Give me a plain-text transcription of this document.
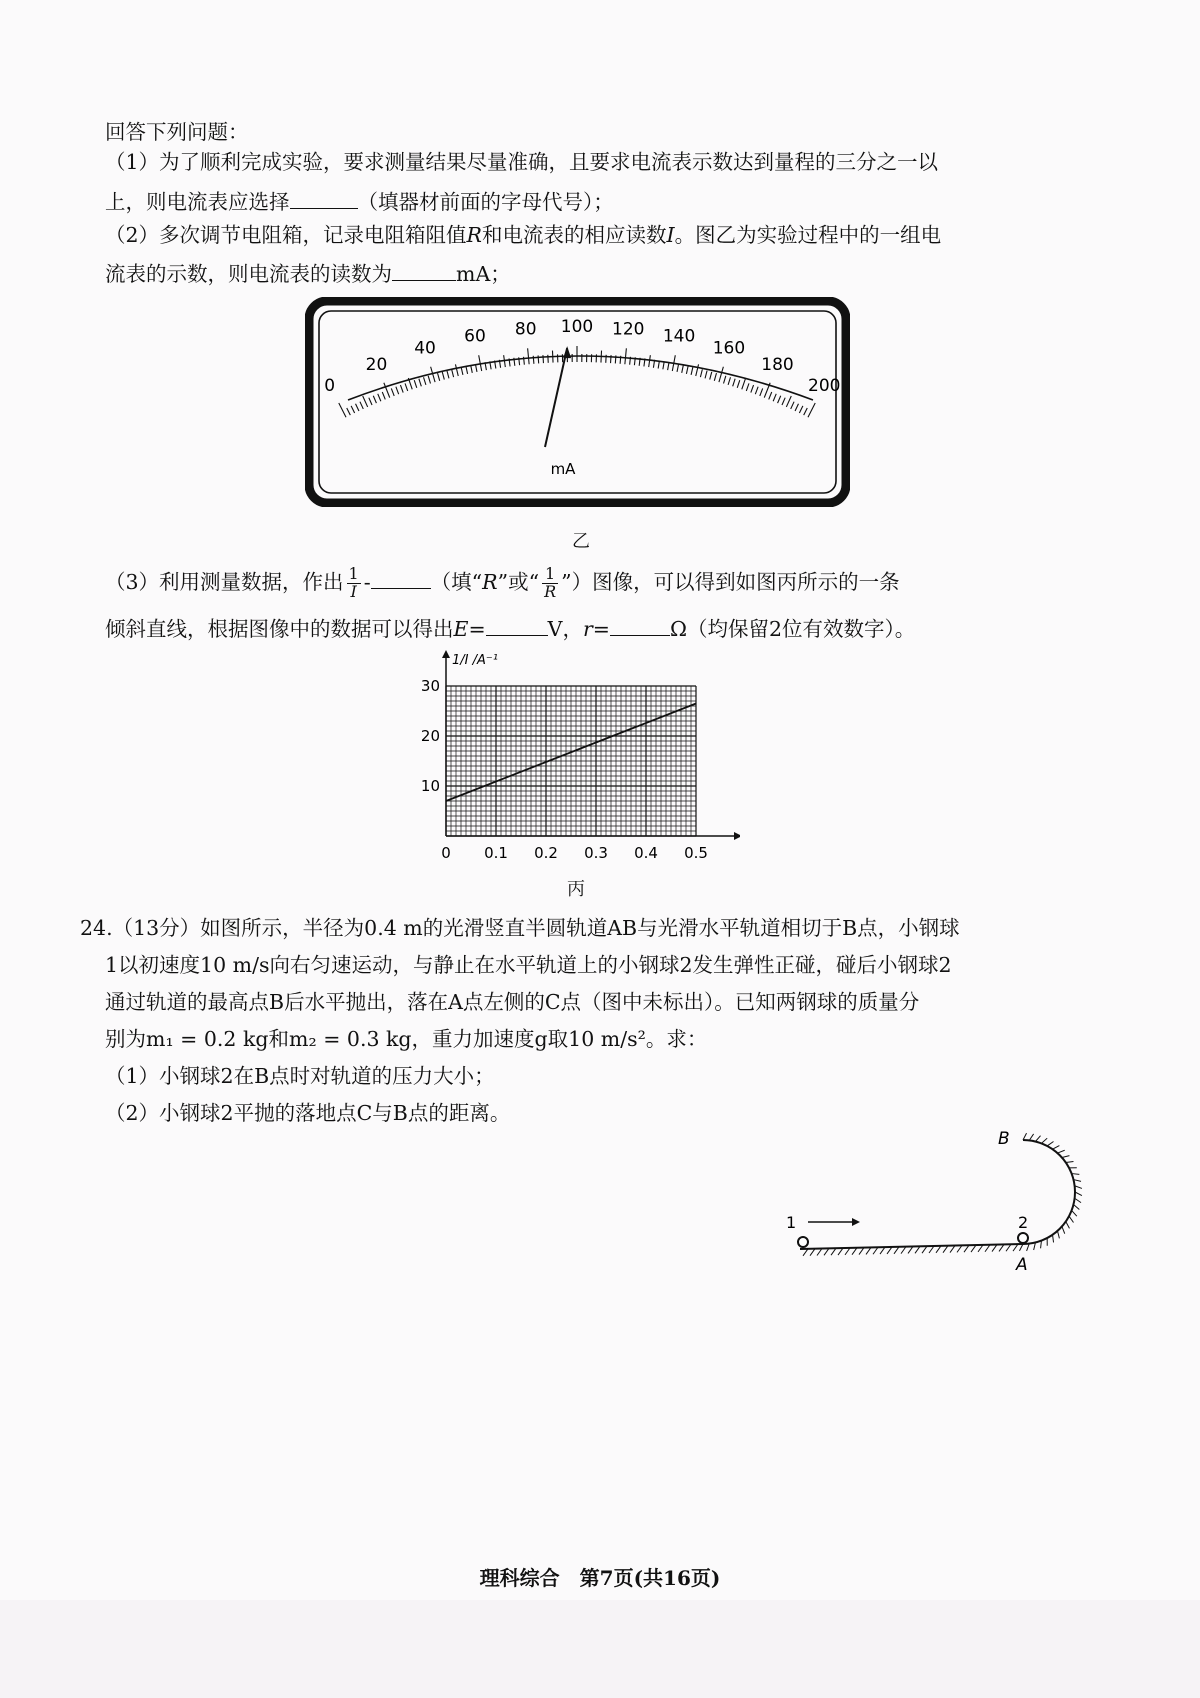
回答下列问题：
（1）为了顺利完成实验，要求测量结果尽量准确，且要求电流表示数达到量程的三分之一以
上，则电流表应选择	（填器材前面的字母代号）；
（2）多次调节电阻箱，记录电阻箱阻值R和电流表的相应读数I。图乙为实验过程中的一组电
流表的示数，则电流表的读数为	mA；
0
20
40
60 80 100 120 140
160
180
200
mA
乙
（3）利用测量数据，作出 $\frac{1}{I}$ -	（填“R”或“ $\frac{1}{R}$ ”）图像，可以得到如图丙所示的一条
倾斜直线，根据图像中的数据可以得出E=	V，r=	Ω（均保留2位有效数字）。
1/I /A⁻¹
0 0.1 0.2 0.3 0.4 0.5
10
20
30
丙
24.（13分）如图所示，半径为0.4 m的光滑竖直半圆轨道AB与光滑水平轨道相切于B点，小钢球
1以初速度10 m/s向右匀速运动，与静止在水平轨道上的小钢球2发生弹性正碰，碰后小钢球2
通过轨道的最高点B后水平抛出，落在A点左侧的C点（图中未标出）。已知两钢球的质量分
别为m₁ = 0.2 kg和m₂ = 0.3 kg，重力加速度g取10 m/s²。求：
（1）小钢球2在B点时对轨道的压力大小；
（2）小钢球2平抛的落地点C与B点的距离。
1	2
B
A
理科综合　第7页(共16页)
